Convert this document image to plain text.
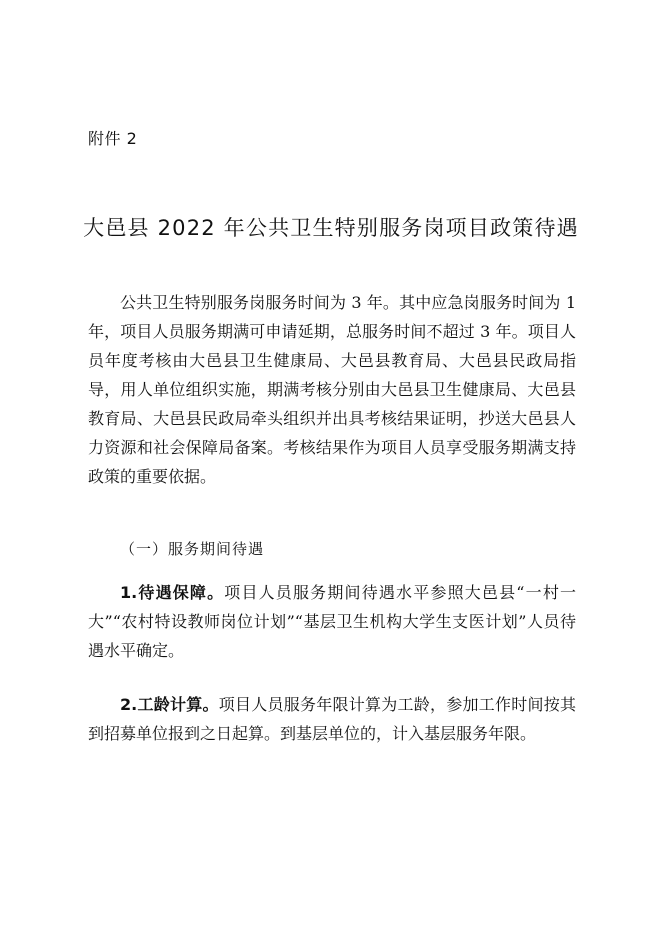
附件 2
大邑县 2022 年公共卫生特别服务岗项目政策待遇

公共卫生特别服务岗服务时间为 3 年。其中应急岗服务时间为 1 年，项目人员服务期满可申请延期，总服务时间不超过 3 年。项目人员年度考核由大邑县卫生健康局、大邑县教育局、大邑县民政局指导，用人单位组织实施，期满考核分别由大邑县卫生健康局、大邑县教育局、大邑县民政局牵头组织并出具考核结果证明，抄送大邑县人力资源和社会保障局备案。考核结果作为项目人员享受服务期满支持政策的重要依据。

（一）服务期间待遇

1.待遇保障。项目人员服务期间待遇水平参照大邑县“一村一大”“农村特设教师岗位计划”“基层卫生机构大学生支医计划”人员待遇水平确定。

2.工龄计算。项目人员服务年限计算为工龄，参加工作时间按其到招募单位报到之日起算。到基层单位的，计入基层服务年限。
